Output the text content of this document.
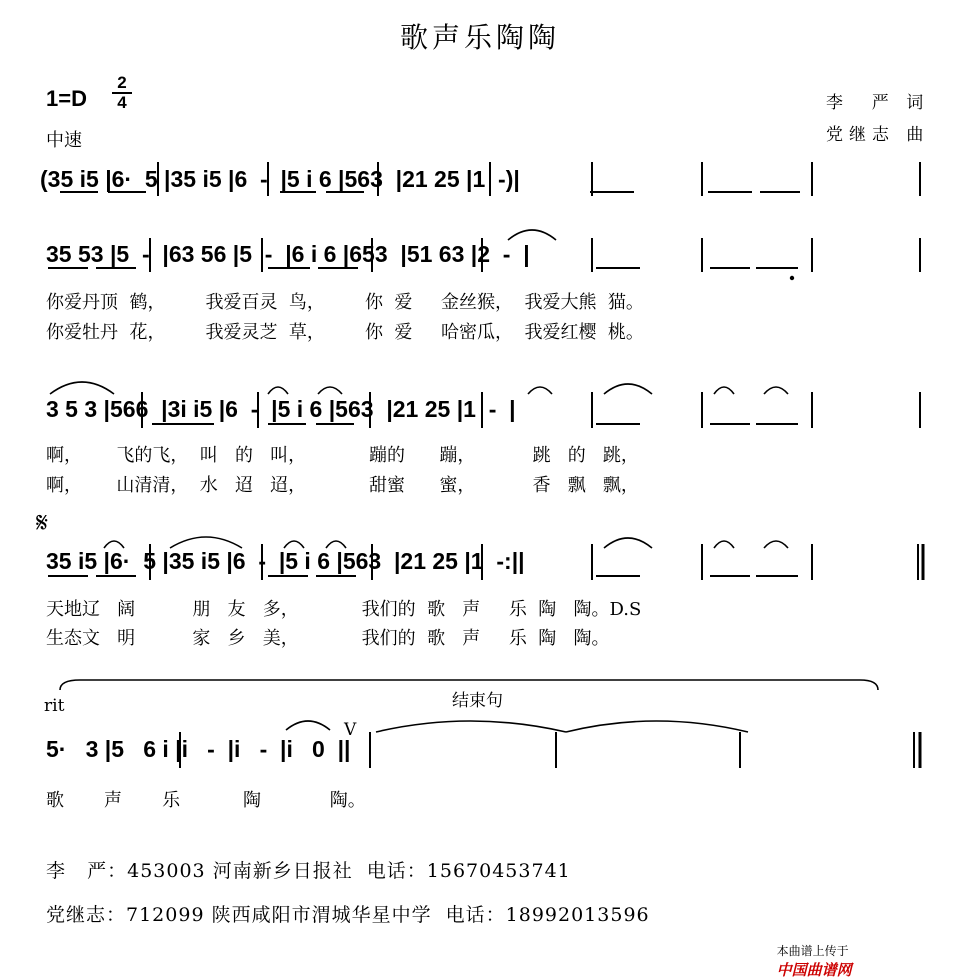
歌声乐陶陶
1=D
2
4
中速
李  严 词
党继志 曲
(35 i5 |6·  5 |35 i5 |6  -  |5 i 6 |563  |21 25 |1  -)|
35 53 |5  -  |63 56 |5  -  |6 i 6 |653  |51 63 |2  -  |
你爱丹顶  鹤，       我爱百灵  鸟，       你  爱     金丝猴，  我爱大熊  猫。
你爱牡丹  花，       我爱灵芝  草，       你  爱     哈密瓜，  我爱红樱  桃。
3 5 3 |566  |3i i5 |6  -  |5 i 6 |563  |21 25 |1  -  |
啊，      飞的飞，  叫   的   叫，           蹦的      蹦，          跳   的   跳，
啊，      山清清，  水   迢   迢，           甜蜜      蜜，          香   飘   飘，
𝄋
35 i5 |6·  5 |35 i5 |6  -  |5 i 6 |563  |21 25 |1  -:||
天地辽   阔          朋   友   多，           我们的  歌   声     乐  陶   陶。D.S
生态文   明          家   乡   美，           我们的  歌   声     乐  陶   陶。
rit	结束句
V
5·   3 |5   6 i |i   -  |i   -  |i   0  ||
歌       声       乐           陶            陶。
李   严：453003 河南新乡日报社  电话：15670453741
党继志：712099 陕西咸阳市渭城华星中学  电话：18992013596

本曲谱上传于
中国曲谱网
